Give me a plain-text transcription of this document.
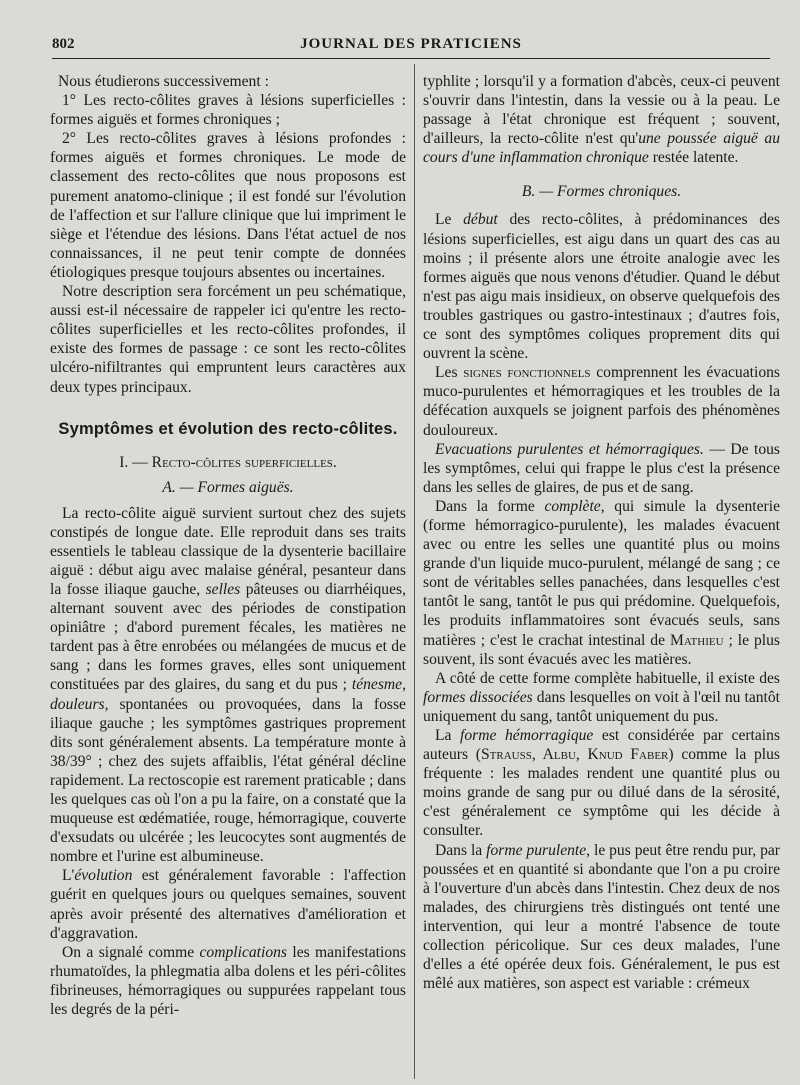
802	JOURNAL DES PRATICIENS

Nous étudierons successivement :

1° Les recto-côlites graves à lésions superficielles : formes aiguës et formes chroniques ;

2° Les recto-côlites graves à lésions profondes : formes aiguës et formes chroniques. Le mode de classement des recto-côlites que nous proposons est purement anatomo-clinique ; il est fondé sur l'évolution de l'affection et sur l'allure clinique que lui impriment le siège et l'étendue des lésions. Dans l'état actuel de nos connaissances, il ne peut tenir compte de données étiologiques presque toujours absentes ou incertaines.

Notre description sera forcément un peu schématique, aussi est-il nécessaire de rappeler ici qu'entre les recto-côlites superficielles et les recto-côlites profondes, il existe des formes de passage : ce sont les recto-côlites ulcéro-nifiltrantes qui empruntent leurs caractères aux deux types principaux.

Symptômes et évolution des recto-côlites.
I. — Recto-côlites superficielles.
A. — Formes aiguës.

La recto-côlite aiguë survient surtout chez des sujets constipés de longue date. Elle reproduit dans ses traits essentiels le tableau classique de la dysenterie bacillaire aiguë : début aigu avec malaise général, pesanteur dans la fosse iliaque gauche, selles pâteuses ou diarrhéiques, alternant souvent avec des périodes de constipation opiniâtre ; d'abord purement fécales, les matières ne tardent pas à être enrobées ou mélangées de mucus et de sang ; dans les formes graves, elles sont uniquement constituées par des glaires, du sang et du pus ; ténesme, douleurs, spontanées ou provoquées, dans la fosse iliaque gauche ; les symptômes gastriques proprement dits sont généralement absents. La température monte à 38/39° ; chez des sujets affaiblis, l'état général décline rapidement. La rectoscopie est rarement praticable ; dans les quelques cas où l'on a pu la faire, on a constaté que la muqueuse est œdématiée, rouge, hémorragique, couverte d'exsudats ou ulcérée ; les leucocytes sont augmentés de nombre et l'urine est albumineuse.

L'évolution est généralement favorable : l'affection guérit en quelques jours ou quelques semaines, souvent après avoir présenté des alternatives d'amélioration et d'aggravation.

On a signalé comme complications les manifestations rhumatoïdes, la phlegmatia alba dolens et les péri-côlites fibrineuses, hémorragiques ou suppurées rappelant tous les degrés de la péri-

typhlite ; lorsqu'il y a formation d'abcès, ceux-ci peuvent s'ouvrir dans l'intestin, dans la vessie ou à la peau. Le passage à l'état chronique est fréquent ; souvent, d'ailleurs, la recto-côlite n'est qu'une poussée aiguë au cours d'une inflammation chronique restée latente.

B. — Formes chroniques.

Le début des recto-côlites, à prédominances des lésions superficielles, est aigu dans un quart des cas au moins ; il présente alors une étroite analogie avec les formes aiguës que nous venons d'étudier. Quand le début n'est pas aigu mais insidieux, on observe quelquefois des troubles gastriques ou gastro-intestinaux ; d'autres fois, ce sont des symptômes coliques proprement dits qui ouvrent la scène.

Les signes fonctionnels comprennent les évacuations muco-purulentes et hémorragiques et les troubles de la défécation auxquels se joignent parfois des phénomènes douloureux.

Evacuations purulentes et hémorragiques. — De tous les symptômes, celui qui frappe le plus c'est la présence dans les selles de glaires, de pus et de sang.

Dans la forme complète, qui simule la dysenterie (forme hémorragico-purulente), les malades évacuent avec ou entre les selles une quantité plus ou moins grande d'un liquide muco-purulent, mélangé de sang ; ce sont de véritables selles panachées, dans lesquelles c'est tantôt le sang, tantôt le pus qui prédomine. Quelquefois, les produits inflammatoires sont évacués seuls, sans matières ; c'est le crachat intestinal de Mathieu ; le plus souvent, ils sont évacués avec les matières.

A côté de cette forme complète habituelle, il existe des formes dissociées dans lesquelles on voit à l'œil nu tantôt uniquement du sang, tantôt uniquement du pus.

La forme hémorragique est considérée par certains auteurs (Strauss, Albu, Knud Faber) comme la plus fréquente : les malades rendent une quantité plus ou moins grande de sang pur ou dilué dans de la sérosité, c'est généralement ce symptôme qui les décide à consulter.

Dans la forme purulente, le pus peut être rendu pur, par poussées et en quantité si abondante que l'on a pu croire à l'ouverture d'un abcès dans l'intestin. Chez deux de nos malades, des chirurgiens très distingués ont tenté une intervention, qui leur a montré l'absence de toute collection péricolique. Sur ces deux malades, l'une d'elles a été opérée deux fois. Généralement, le pus est mêlé aux matières, son aspect est variable : crémeux
